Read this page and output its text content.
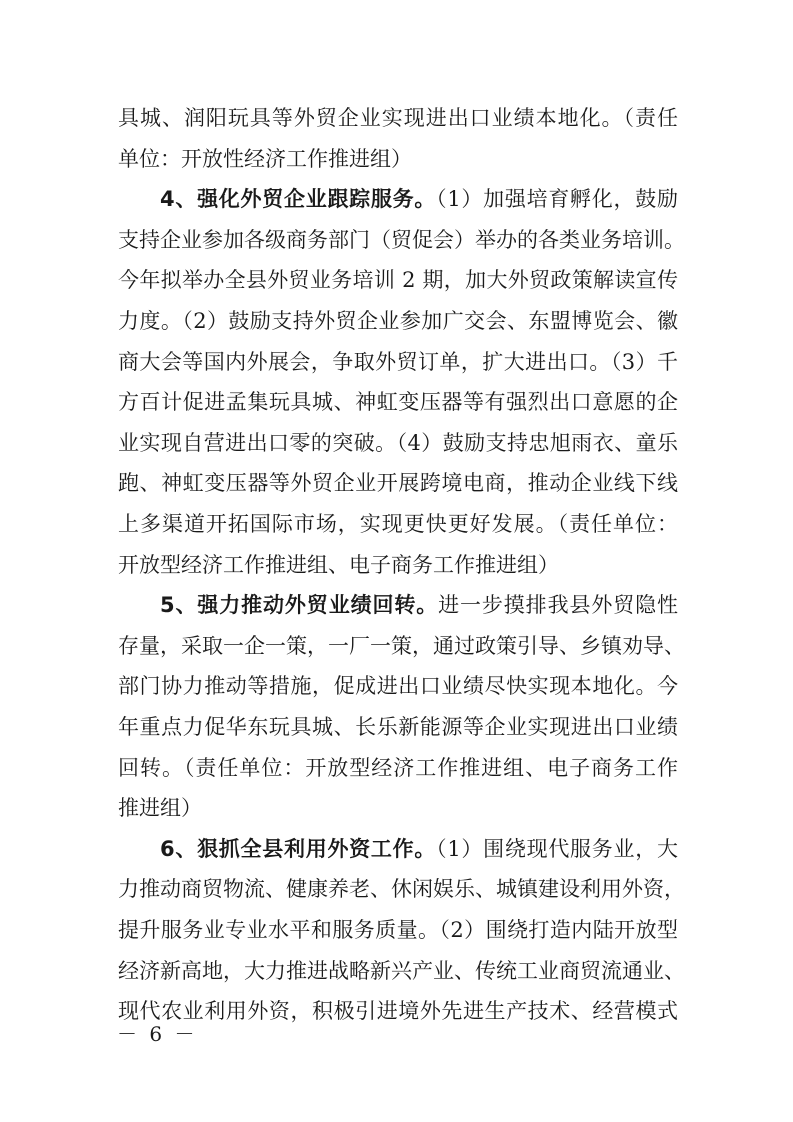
具城、润阳玩具等外贸企业实现进出口业绩本地化。（责任
单位：开放性经济工作推进组）
4、强化外贸企业跟踪服务。（1）加强培育孵化，鼓励
支持企业参加各级商务部门（贸促会）举办的各类业务培训。
今年拟举办全县外贸业务培训 2 期，加大外贸政策解读宣传
力度。（2）鼓励支持外贸企业参加广交会、东盟博览会、徽
商大会等国内外展会，争取外贸订单，扩大进出口。（3）千
方百计促进孟集玩具城、神虹变压器等有强烈出口意愿的企
业实现自营进出口零的突破。（4）鼓励支持忠旭雨衣、童乐
跑、神虹变压器等外贸企业开展跨境电商，推动企业线下线
上多渠道开拓国际市场，实现更快更好发展。（责任单位：
开放型经济工作推进组、电子商务工作推进组）
5、强力推动外贸业绩回转。进一步摸排我县外贸隐性
存量，采取一企一策，一厂一策，通过政策引导、乡镇劝导、
部门协力推动等措施，促成进出口业绩尽快实现本地化。今
年重点力促华东玩具城、长乐新能源等企业实现进出口业绩
回转。（责任单位：开放型经济工作推进组、电子商务工作
推进组）
6、狠抓全县利用外资工作。（1）围绕现代服务业，大
力推动商贸物流、健康养老、休闲娱乐、城镇建设利用外资，
提升服务业专业水平和服务质量。（2）围绕打造内陆开放型
经济新高地，大力推进战略新兴产业、传统工业商贸流通业、
现代农业利用外资，积极引进境外先进生产技术、经营模式
－ 6 －
